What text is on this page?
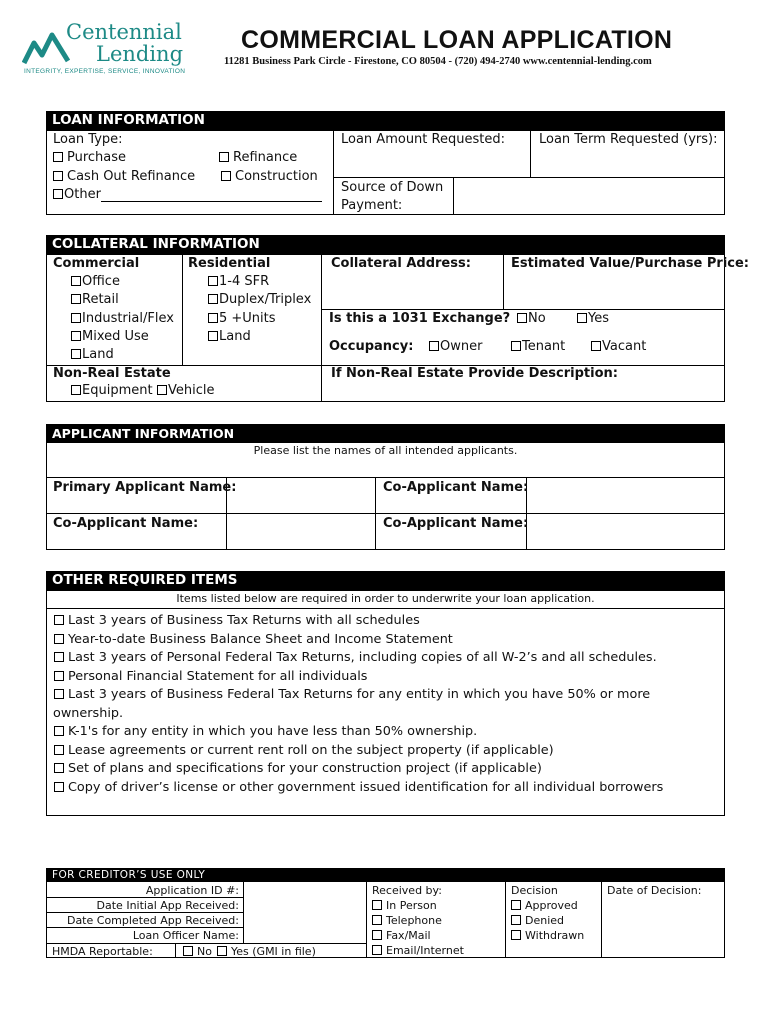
Centennial
Lending
INTEGRITY, EXPERTISE, SERVICE, INNOVATION
COMMERCIAL LOAN APPLICATION
11281 Business Park Circle - Firestone, CO 80504 - (720) 494-2740 www.centennial-lending.com
LOAN INFORMATION
Loan Type:
Purchase	Refinance
Cash Out Refinance	Construction
Other
Loan Amount Requested:	Loan Term Requested (yrs):
Source of Down
Payment:
COLLATERAL INFORMATION
Commercial
Office
Retail
Industrial/Flex
Mixed Use
Land
Residential
1-4 SFR
Duplex/Triplex
5 +Units
Land
Collateral Address:	Estimated Value/Purchase Price:
Is this a 1031 Exchange?	No	Yes
Occupancy:	Owner	Tenant	Vacant
Non-Real Estate
Equipment	Vehicle
If Non-Real Estate Provide Description:
APPLICANT INFORMATION
Please list the names of all intended applicants.
Primary Applicant Name:	Co-Applicant Name:
Co-Applicant Name:	Co-Applicant Name:
OTHER REQUIRED ITEMS
Items listed below are required in order to underwrite your loan application.
Last 3 years of Business Tax Returns with all schedules
Year-to-date Business Balance Sheet and Income Statement
Last 3 years of Personal Federal Tax Returns, including copies of all W-2’s and all schedules.
Personal Financial Statement for all individuals
Last 3 years of Business Federal Tax Returns for any entity in which you have 50% or more
ownership.
K-1's for any entity in which you have less than 50% ownership.
Lease agreements or current rent roll on the subject property (if applicable)
Set of plans and specifications for your construction project (if applicable)
Copy of driver’s license or other government issued identification for all individual borrowers
FOR CREDITOR’S USE ONLY
Application ID #:
Date Initial App Received:
Date Completed App Received:
Loan Officer Name:
HMDA Reportable:	No	Yes (GMI in file)
Received by:
In Person
Telephone
Fax/Mail
Email/Internet
Decision
Approved
Denied
Withdrawn
Date of Decision:
